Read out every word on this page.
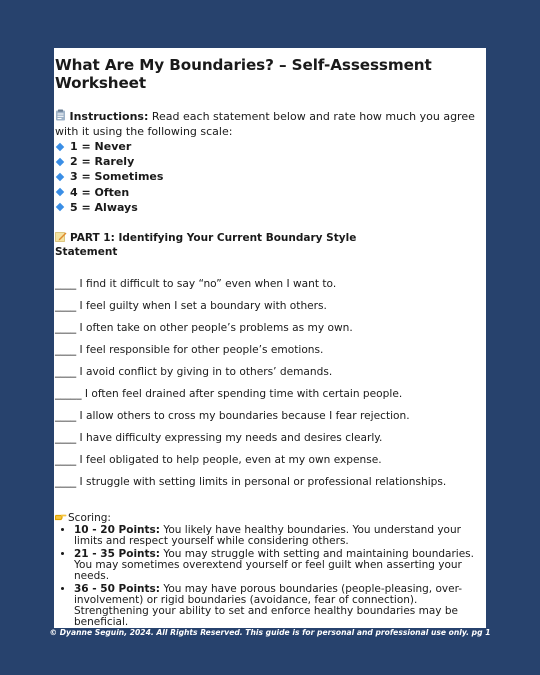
What Are My Boundaries? – Self-Assessment Worksheet
Instructions: Read each statement below and rate how much you agree with it using the following scale:
1 = Never
2 = Rarely
3 = Sometimes
4 = Often
5 = Always
PART 1: Identifying Your Current Boundary Style
Statement
____ I find it difficult to say “no” even when I want to.
____ I feel guilty when I set a boundary with others.
____ I often take on other people’s problems as my own.
____ I feel responsible for other people’s emotions.
____ I avoid conflict by giving in to others’ demands.
_____ I often feel drained after spending time with certain people.
____ I allow others to cross my boundaries because I fear rejection.
____ I have difficulty expressing my needs and desires clearly.
____ I feel obligated to help people, even at my own expense.
____ I struggle with setting limits in personal or professional relationships.
Scoring:
• 10 - 20 Points: You likely have healthy boundaries. You understand your limits and respect yourself while considering others.
• 21 - 35 Points: You may struggle with setting and maintaining boundaries. You may sometimes overextend yourself or feel guilt when asserting your needs.
• 36 - 50 Points: You may have porous boundaries (people-pleasing, over-involvement) or rigid boundaries (avoidance, fear of connection). Strengthening your ability to set and enforce healthy boundaries may be beneficial.
© Dyanne Seguin, 2024. All Rights Reserved. This guide is for personal and professional use only. pg 1
